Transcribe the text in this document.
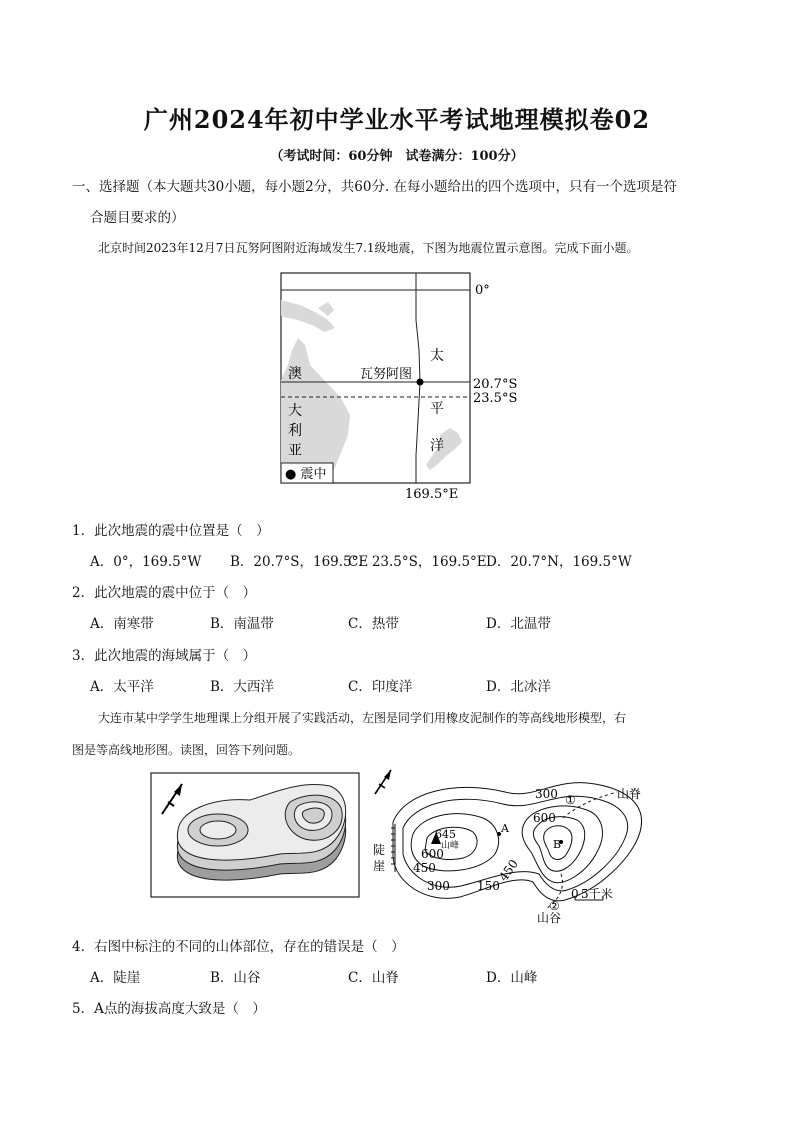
广州2024年初中学业水平考试地理模拟卷02
（考试时间：60分钟　试卷满分：100分）
一、选择题（本大题共30小题，每小题2分，共60分. 在每小题给出的四个选项中，只有一个选项是符
合题目要求的）
北京时间2023年12月7日瓦努阿图附近海域发生7.1级地震，下图为地震位置示意图。完成下面小题。
0°
20.7°S
23.5°S
169.5°E
瓦努阿图
澳
大
利
亚
太
平
洋
● 震中
1．此次地震的震中位置是（　）
A．0°，169.5°W B．20.7°S，169.5°E
C．23.5°S，169.5°E D．20.7°N，169.5°W
2．此次地震的震中位于（　）
A．南寒带	B．南温带	C．热带	D．北温带
3．此次地震的海域属于（　）
A．太平洋	B．大西洋	C．印度洋	D．北冰洋
大连市某中学学生地理课上分组开展了实践活动，左图是同学们用橡皮泥制作的等高线地形模型，右
图是等高线地形图。读图，回答下列问题。
300
300
600
600
450	450
150
645
山峰
陡
崖
山脊
山谷
5千米
0
①
②
A
B
4．右图中标注的不同的山体部位，存在的错误是（　）
A．陡崖	B．山谷	C．山脊	D．山峰
5．A点的海拔高度大致是（　）
